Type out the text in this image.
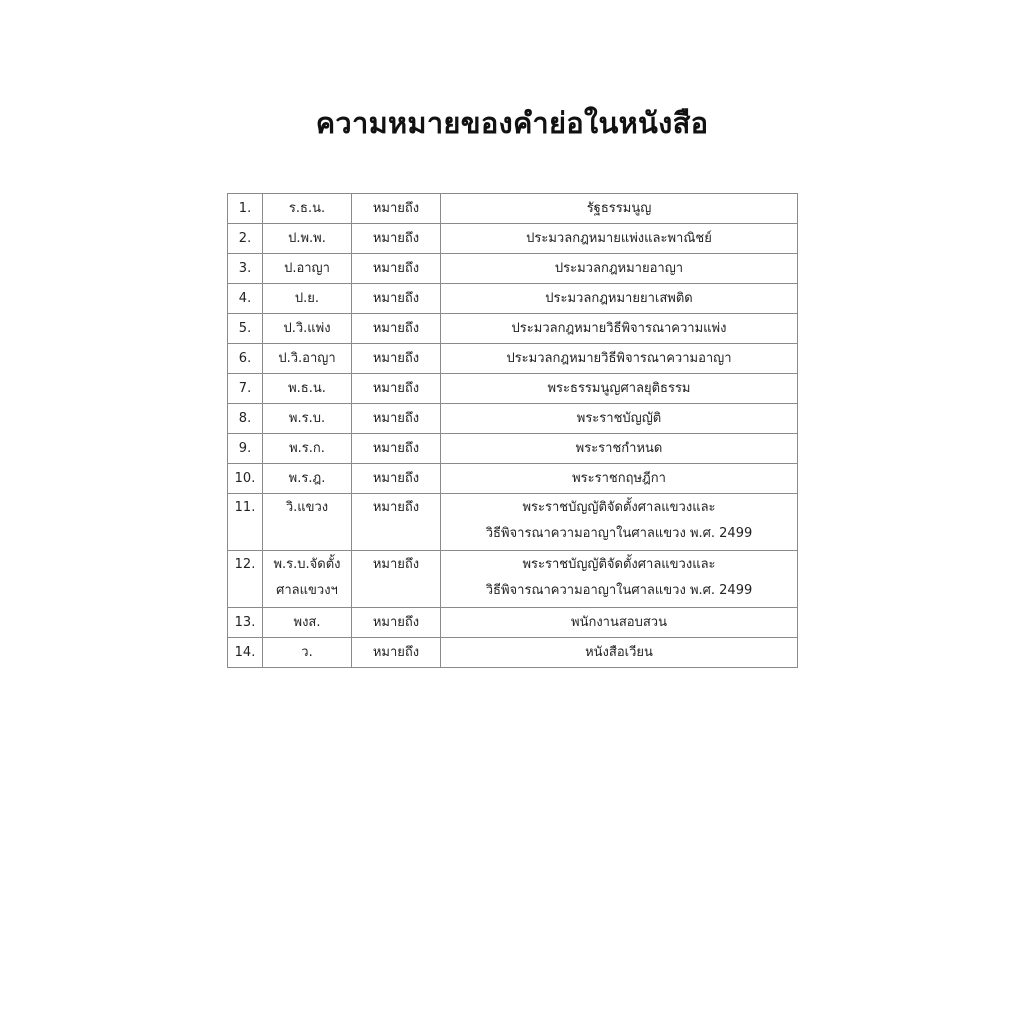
ความหมายของคำย่อในหนังสือ
1.	ร.ธ.น.	หมายถึง	รัฐธรรมนูญ

2.	ป.พ.พ.	หมายถึง	ประมวลกฎหมายแพ่งและพาณิชย์

3.	ป.อาญา	หมายถึง	ประมวลกฎหมายอาญา

4.	ป.ย.	หมายถึง	ประมวลกฎหมายยาเสพติด

5.	ป.วิ.แพ่ง	หมายถึง	ประมวลกฎหมายวิธีพิจารณาความแพ่ง

6.	ป.วิ.อาญา	หมายถึง	ประมวลกฎหมายวิธีพิจารณาความอาญา

7.	พ.ธ.น.	หมายถึง	พระธรรมนูญศาลยุติธรรม

8.	พ.ร.บ.	หมายถึง	พระราชบัญญัติ

9.	พ.ร.ก.	หมายถึง	พระราชกำหนด

10.	พ.ร.ฎ.	หมายถึง	พระราชกฤษฎีกา

11.	วิ.แขวง	หมายถึง	พระราชบัญญัติจัดตั้งศาลแขวงและ
วิธีพิจารณาความอาญาในศาลแขวง พ.ศ. 2499

12.	พ.ร.บ.จัดตั้ง
ศาลแขวงฯ	หมายถึง	พระราชบัญญัติจัดตั้งศาลแขวงและ
วิธีพิจารณาความอาญาในศาลแขวง พ.ศ. 2499

13.	พงส.	หมายถึง	พนักงานสอบสวน

14.	ว.	หมายถึง	หนังสือเวียน
